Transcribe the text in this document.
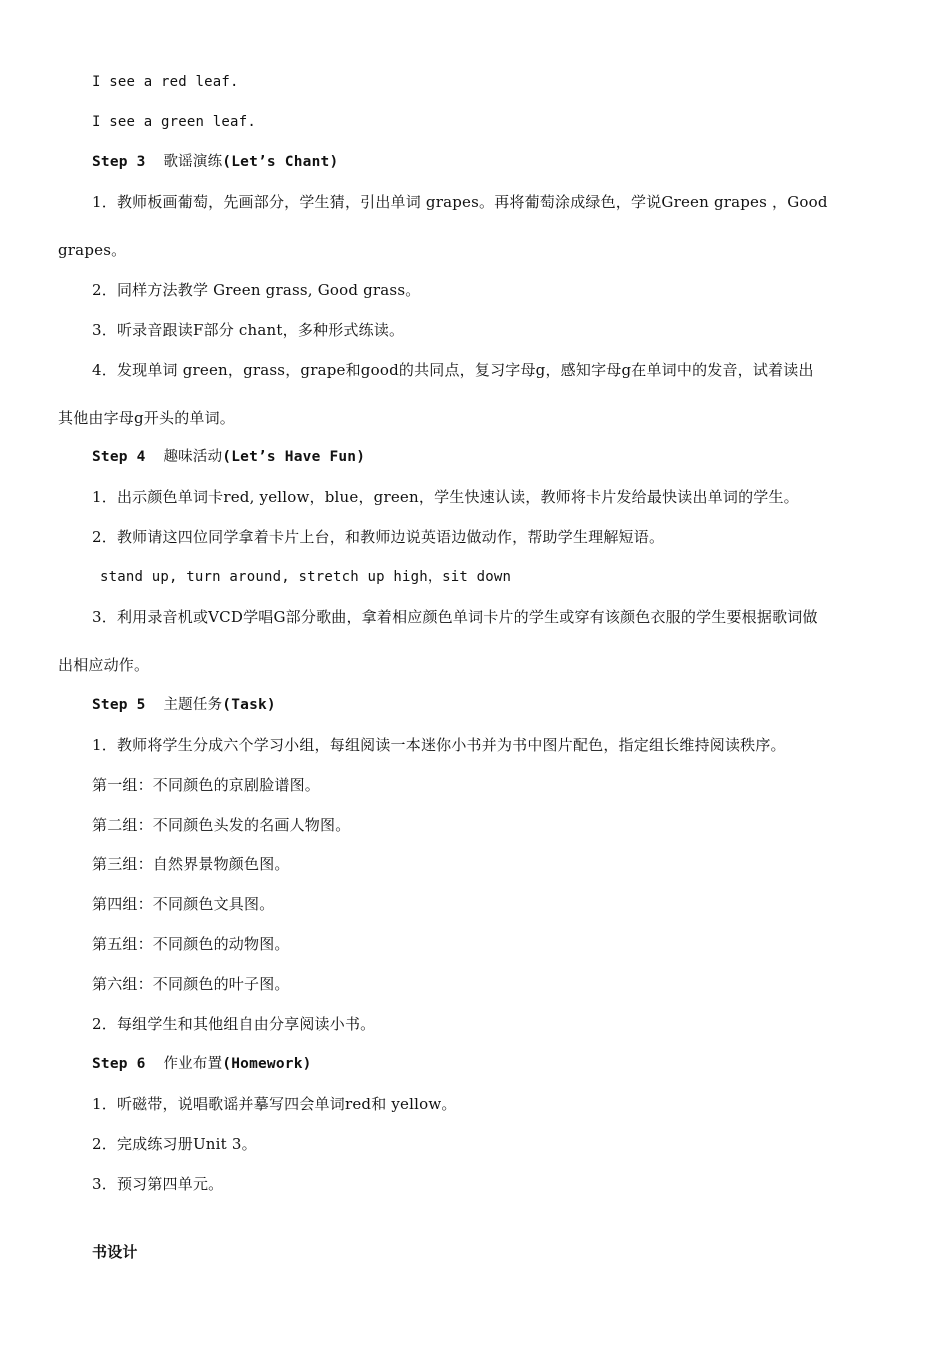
I see a red leaf.
I see a green leaf.
Step 3 歌谣演练(Let’s Chant)
1．教师板画葡萄，先画部分，学生猜，引出单词 grapes。再将葡萄涂成绿色，学说Green grapes ，Good
grapes。
2．同样方法教学 Green grass, Good grass。
3．听录音跟读F部分 chant，多种形式练读。
4．发现单词 green，grass，grape和good的共同点，复习字母g，感知字母g在单词中的发音，试着读出
其他由字母g开头的单词。
Step 4 趣味活动(Let’s Have Fun)
1．出示颜色单词卡red, yellow，blue，green，学生快速认读，教师将卡片发给最快读出单词的学生。
2．教师请这四位同学拿着卡片上台，和教师边说英语边做动作，帮助学生理解短语。
stand up, turn around, stretch up high，sit down
3．利用录音机或VCD学唱G部分歌曲，拿着相应颜色单词卡片的学生或穿有该颜色衣服的学生要根据歌词做
出相应动作。
Step 5 主题任务(Task)
1．教师将学生分成六个学习小组，每组阅读一本迷你小书并为书中图片配色，指定组长维持阅读秩序。
第一组：不同颜色的京剧脸谱图。
第二组：不同颜色头发的名画人物图。
第三组：自然界景物颜色图。
第四组：不同颜色文具图。
第五组：不同颜色的动物图。
第六组：不同颜色的叶子图。
2．每组学生和其他组自由分享阅读小书。
Step 6 作业布置(Homework)
1．听磁带，说唱歌谣并摹写四会单词red和 yellow。
2．完成练习册Unit 3。
3．预习第四单元。
书设计
